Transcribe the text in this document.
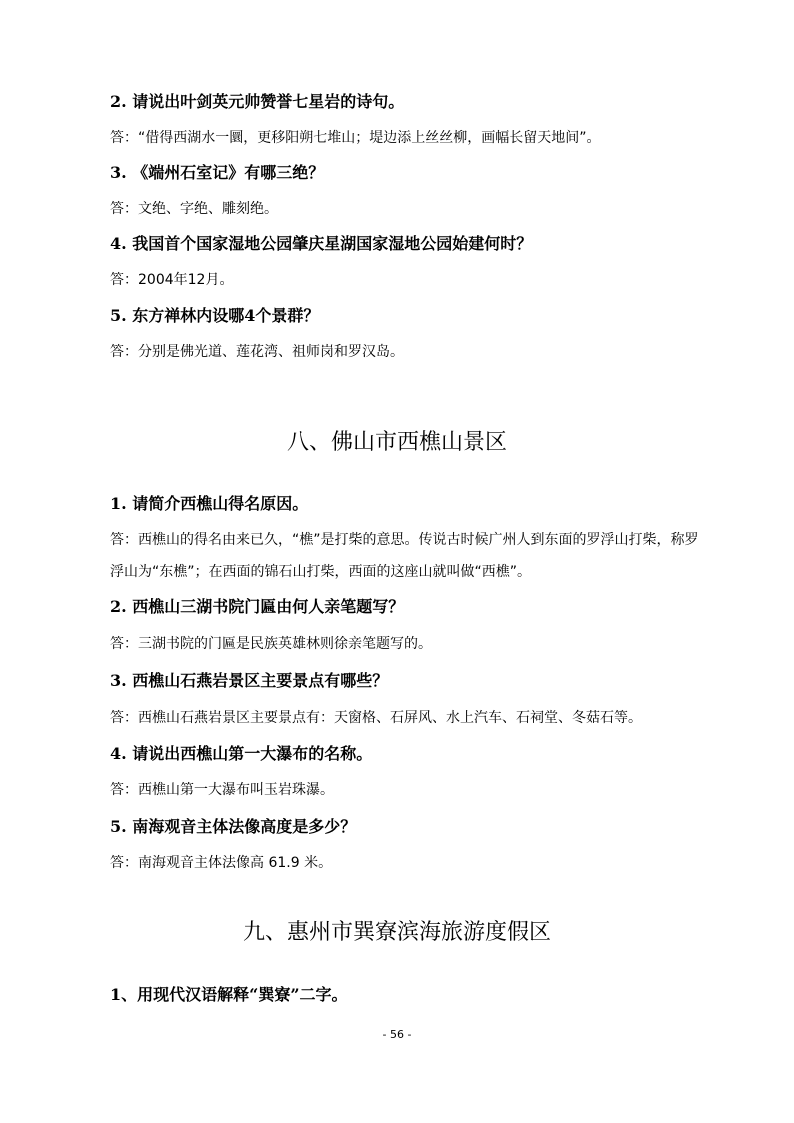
2. 请说出叶剑英元帅赞誉七星岩的诗句。
答：“借得西湖水一圜，更移阳朔七堆山；堤边添上丝丝柳，画幅长留天地间”。
3. 《端州石室记》有哪三绝？
答：文绝、字绝、雕刻绝。
4. 我国首个国家湿地公园肇庆星湖国家湿地公园始建何时？
答：2004年12月。
5. 东方禅林内设哪4个景群？
答：分别是佛光道、莲花湾、祖师岗和罗汉岛。
八、佛山市西樵山景区
1. 请简介西樵山得名原因。
答：西樵山的得名由来已久，“樵”是打柴的意思。传说古时候广州人到东面的罗浮山打柴，称罗
浮山为“东樵”；在西面的锦石山打柴，西面的这座山就叫做“西樵”。
2. 西樵山三湖书院门匾由何人亲笔题写？
答：三湖书院的门匾是民族英雄林则徐亲笔题写的。
3. 西樵山石燕岩景区主要景点有哪些？
答：西樵山石燕岩景区主要景点有：天窗格、石屏风、水上汽车、石祠堂、冬菇石等。
4. 请说出西樵山第一大瀑布的名称。
答：西樵山第一大瀑布叫玉岩珠瀑。
5. 南海观音主体法像高度是多少？
答：南海观音主体法像高 61.9 米。
九、惠州市巽寮滨海旅游度假区
1、用现代汉语解释“巽寮”二字。
- 56 -
